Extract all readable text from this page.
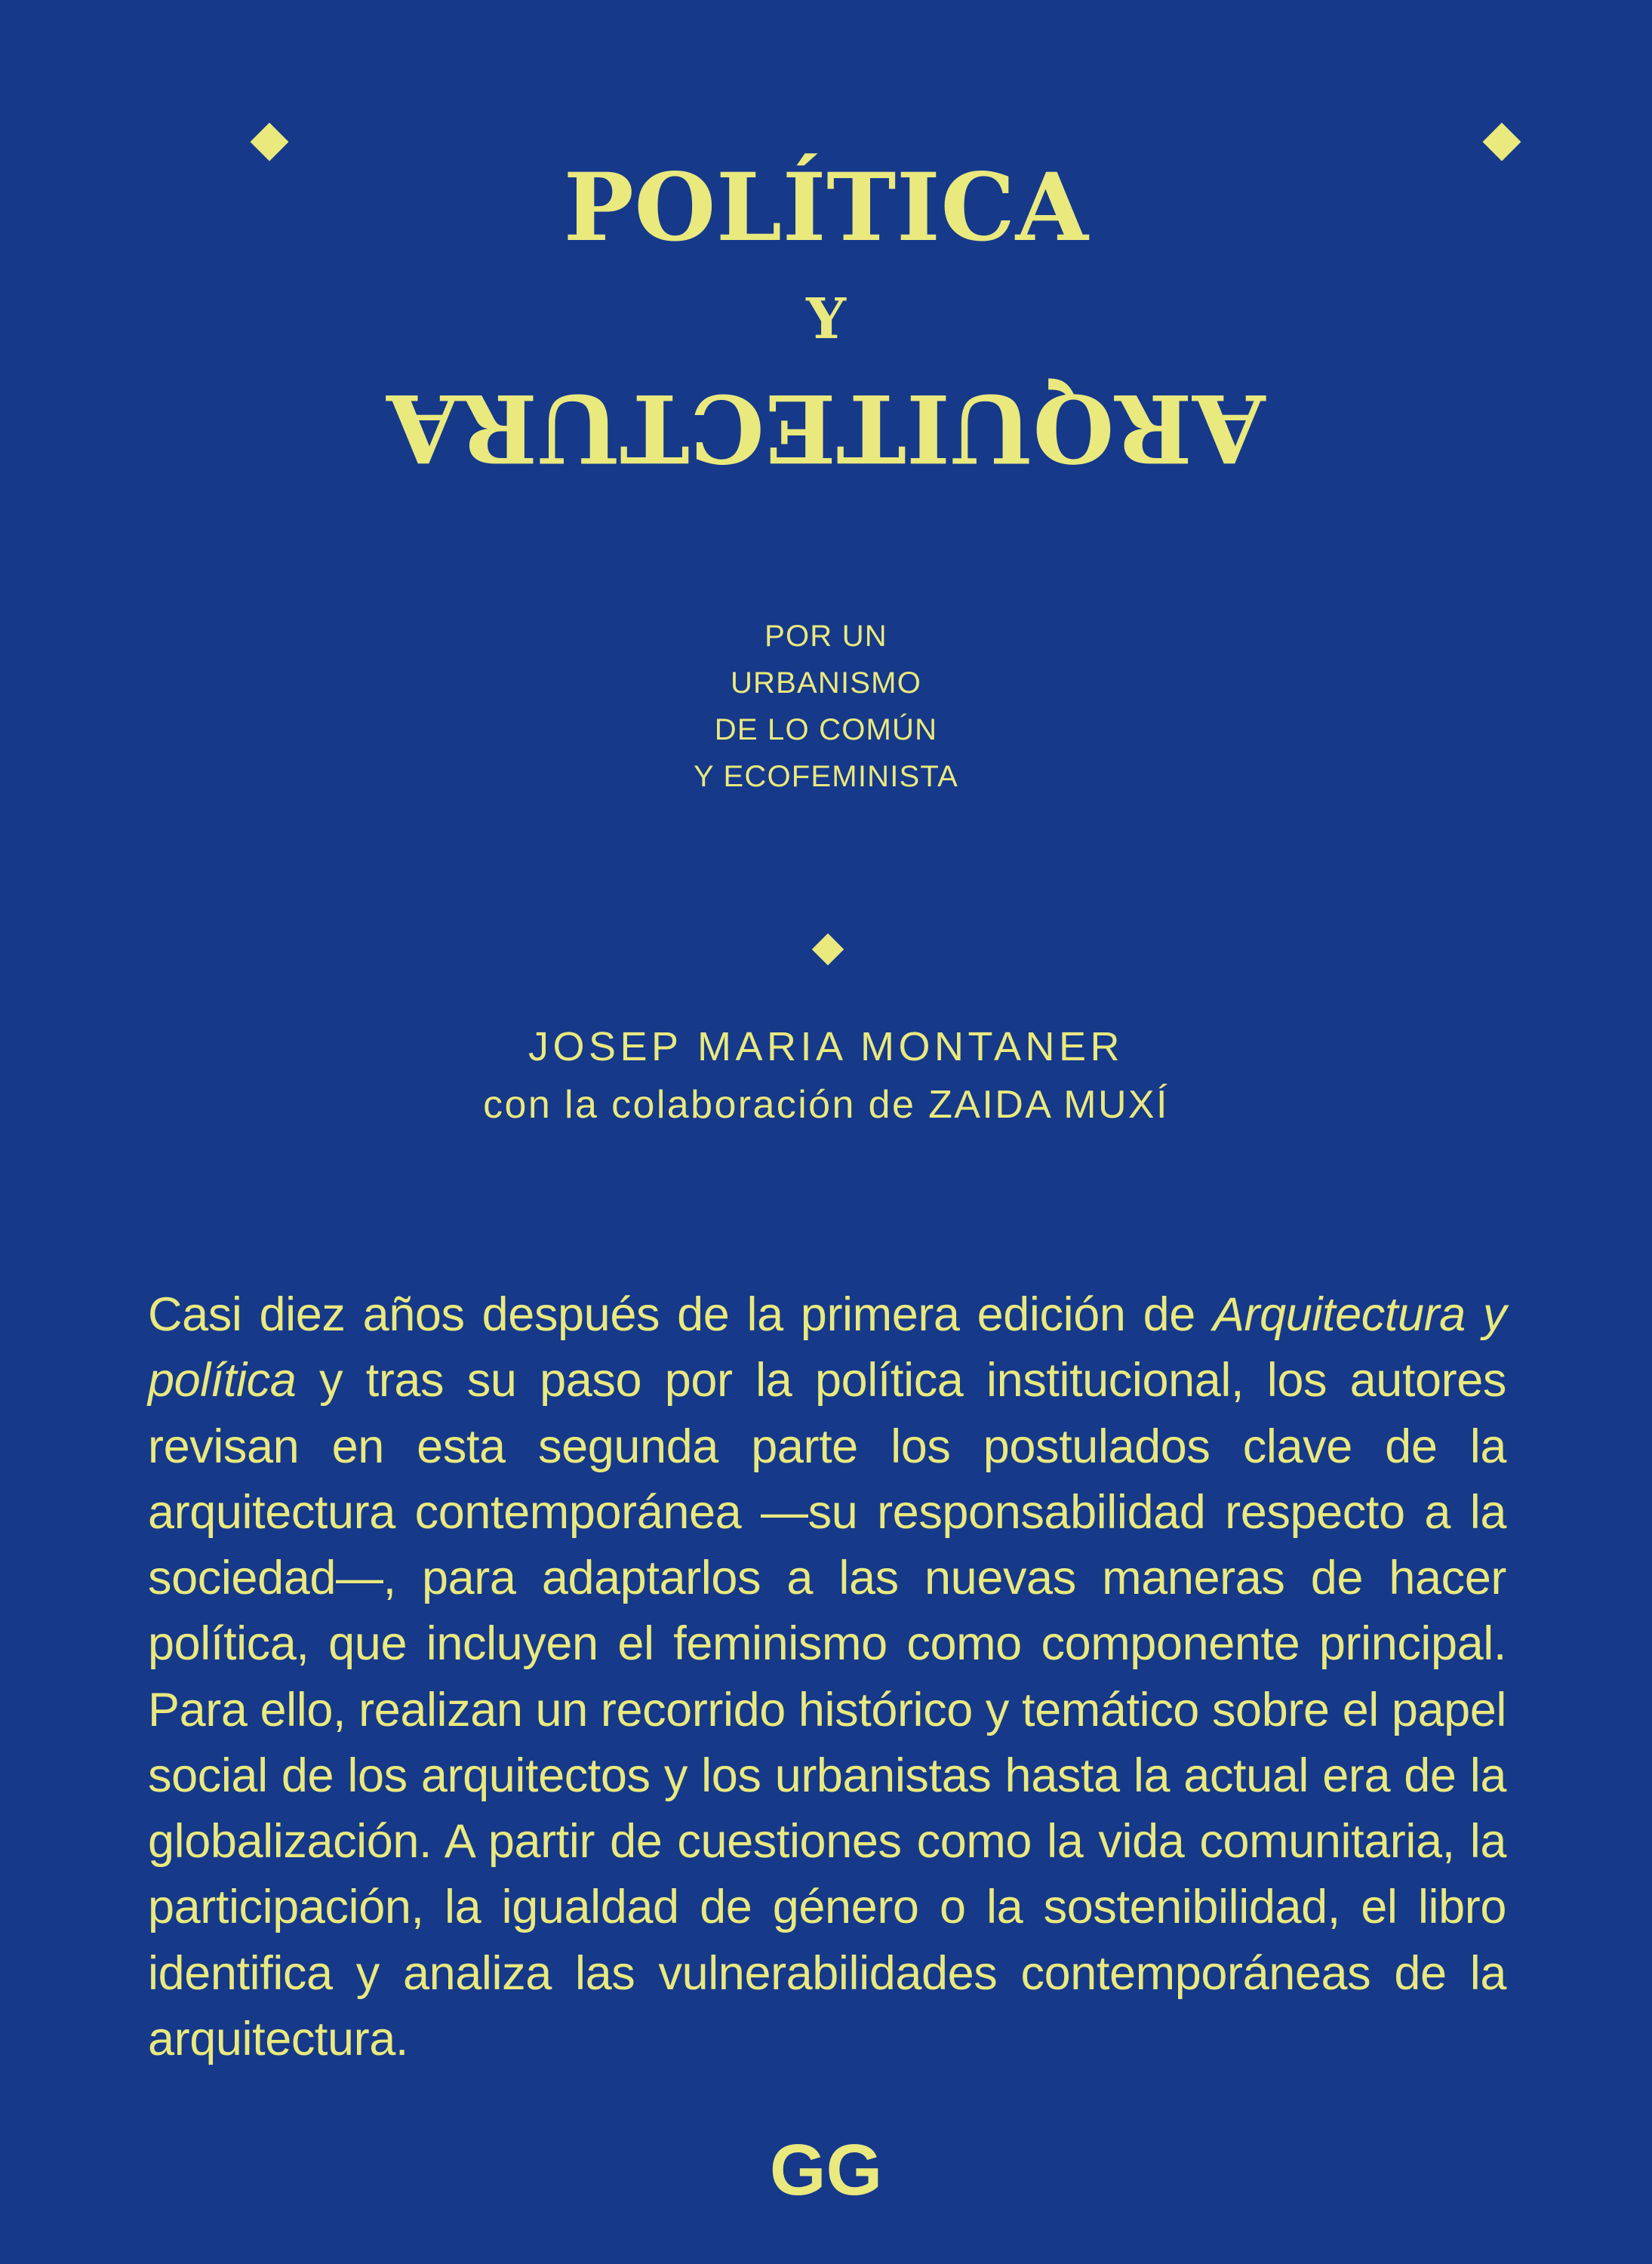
POLÍTICA
Y
ARQUITECTURA
POR UN
URBANISMO
DE LO COMÚN
Y ECOFEMINISTA
JOSEP MARIA MONTANER
con la colaboración de ZAIDA MUXÍ

Casi diez años después de la primera edición de Arquitectura y política y tras su paso por la política institucional, los autores revisan en esta segunda parte los postulados clave de la arquitectura contemporánea —su responsabilidad respecto a la sociedad—, para adaptarlos a las nuevas maneras de hacer política, que incluyen el feminismo como componente principal. Para ello, realizan un recorrido histórico y temático sobre el papel social de los arquitectos y los urbanistas hasta la actual era de la globalización. A partir de cuestiones como la vida comunitaria, la participación, la igualdad de género o la sostenibilidad, el libro identifica y analiza las vulnerabilidades contemporáneas de la arquitectura.

GG
